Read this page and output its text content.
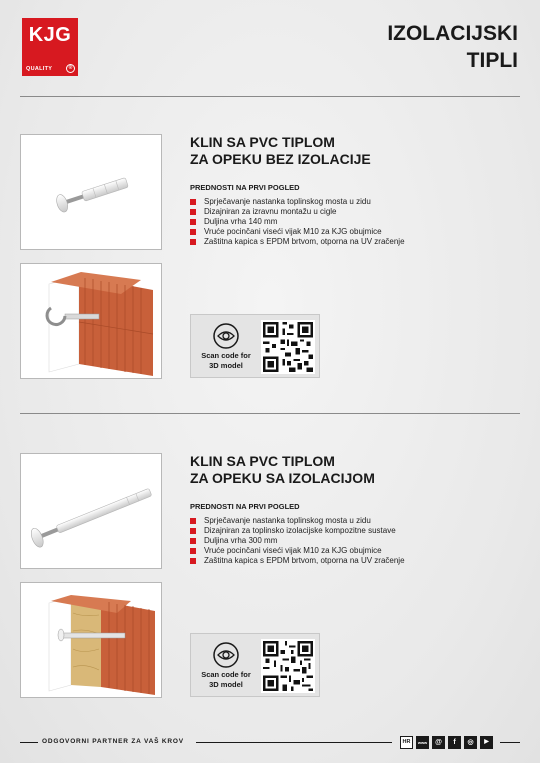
KJG
QUALITY	®
IZOLACIJSKI
TIPLI
KLIN SA PVC TIPLOM
ZA OPEKU BEZ IZOLACIJE
PREDNOSTI NA PRVI POGLED
Sprječavanje nastanka toplinskog mosta u zidu
Dizajniran za izravnu montažu u cigle
Duljina vrha 140 mm
Vruće pocinčani viseći vijak M10 za KJG obujmice
Zaštitna kapica s EPDM brtvom, otporna na UV zračenje
Scan code for
3D model
KLIN SA PVC TIPLOM
ZA OPEKU SA IZOLACIJOM
PREDNOSTI NA PRVI POGLED
Sprječavanje nastanka toplinskog mosta u zidu
Dizajniran za toplinsko izolacijske kompozitne sustave
Duljina vrha 300 mm
Vruće pocinčani viseći vijak M10 za KJG obujmice
Zaštitna kapica s EPDM brtvom, otporna na UV zračenje
Scan code for
3D model
ODGOVORNI PARTNER ZA VAŠ KROV	HR	www	@	f	◎	▶
